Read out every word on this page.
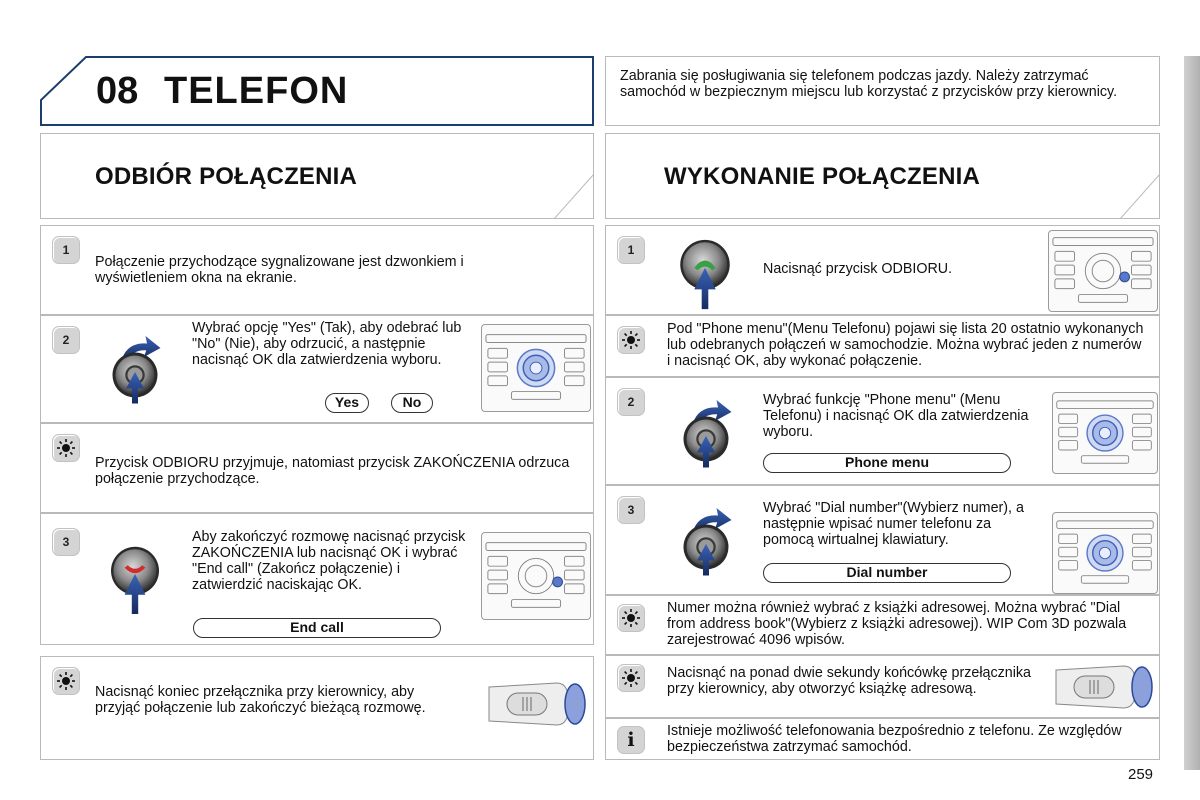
08 TELEFON	Zabrania się posługiwania się telefonem podczas jazdy. Należy zatrzymać samochód w bezpiecznym miejscu lub korzystać z przycisków przy kierownicy.
ODBIÓR POŁĄCZENIA	WYKONANIE POŁĄCZENIA
1
Połączenie przychodzące sygnalizowane jest dzwonkiem i wyświetleniem okna na ekranie.
2
Wybrać opcję "Yes" (Tak), aby odebrać lub "No" (Nie), aby odrzucić, a następnie nacisnąć OK dla zatwierdzenia wyboru.
Yes	No
Przycisk ODBIORU przyjmuje, natomiast przycisk ZAKOŃCZENIA odrzuca połączenie przychodzące.
3	Aby zakończyć rozmowę nacisnąć przycisk ZAKOŃCZENIA lub nacisnąć OK i wybrać "End call" (Zakończ połączenie) i zatwierdzić naciskając OK.
End call
Nacisnąć koniec przełącznika przy kierownicy, aby przyjąć połączenie lub zakończyć bieżącą rozmowę.
1
Nacisnąć przycisk ODBIORU.
Pod "Phone menu"(Menu Telefonu) pojawi się lista 20 ostatnio wykonanych lub odebranych połączeń w samochodzie. Można wybrać jeden z numerów i nacisnąć OK, aby wykonać połączenie.
2	Wybrać funkcję "Phone menu" (Menu Telefonu) i nacisnąć OK dla zatwierdzenia wyboru.
Phone menu
3	Wybrać "Dial number"(Wybierz numer), a następnie wpisać numer telefonu za pomocą wirtualnej klawiatury.
Dial number
Numer można również wybrać z książki adresowej. Można wybrać "Dial from address book"(Wybierz z książki adresowej). WIP Com 3D pozwala zarejestrować 4096 wpisów.
Nacisnąć na ponad dwie sekundy końcówkę przełącznika przy kierownicy, aby otworzyć książkę adresową.
i	Istnieje możliwość telefonowania bezpośrednio z telefonu. Ze względów bezpieczeństwa zatrzymać samochód.
259
